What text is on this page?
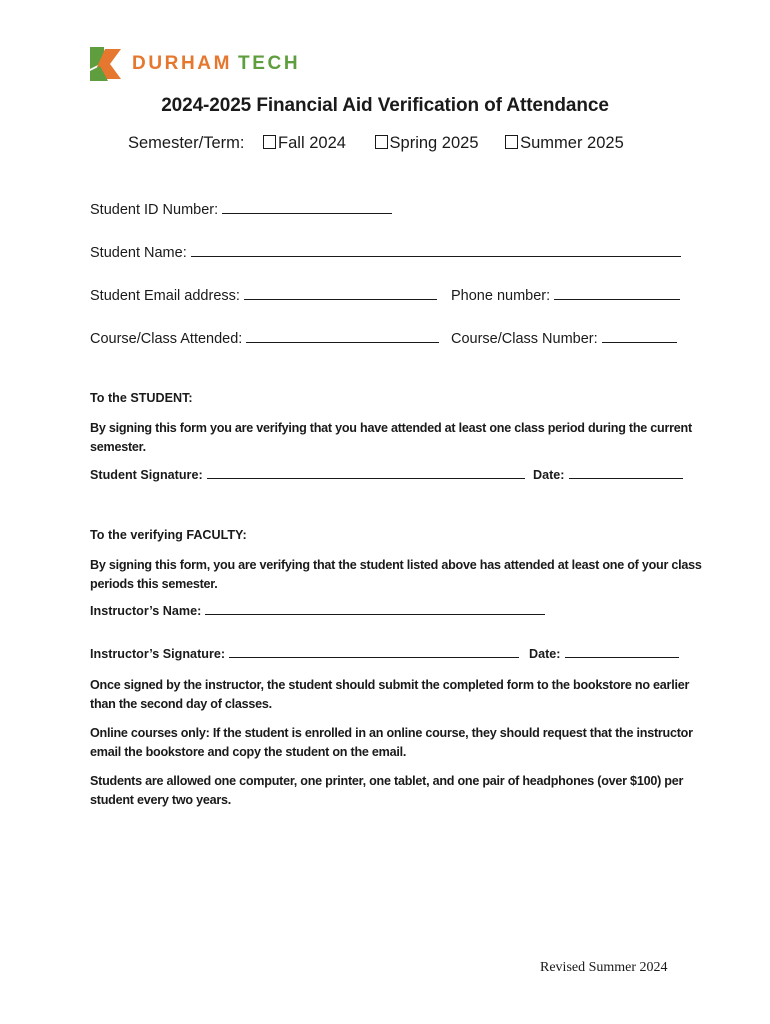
DURHAM TECH
2024-2025 Financial Aid Verification of Attendance
Semester/Term: Fall 2024	Spring 2025	Summer 2025
Student ID Number:
Student Name:
Student Email address:	Phone number:
Course/Class Attended:	Course/Class Number:
To the STUDENT:
By signing this form you are verifying that you have attended at least one class period during the current semester.
Student Signature:	Date:
To the verifying FACULTY:
By signing this form, you are verifying that the student listed above has attended at least one of your class periods this semester.
Instructor’s Name:
Instructor’s Signature:	Date:
Once signed by the instructor, the student should submit the completed form to the bookstore no earlier than the second day of classes.
Online courses only: If the student is enrolled in an online course, they should request that the instructor email the bookstore and copy the student on the email.
Students are allowed one computer, one printer, one tablet, and one pair of headphones (over $100) per student every two years.
Revised Summer 2024
